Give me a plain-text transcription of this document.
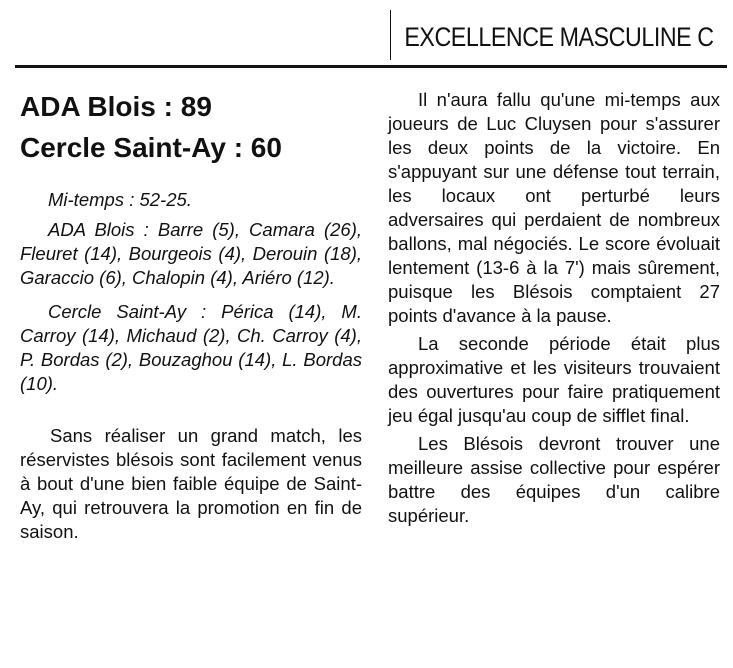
EXCELLENCE MASCULINE C
ADA Blois : 89
Cercle Saint-Ay : 60

Mi-temps : 52-25.

ADA Blois : Barre (5), Camara (26), Fleuret (14), Bourgeois (4), Derouin (18), Garaccio (6), Chalopin (4), Ariéro (12).

Cercle Saint-Ay : Périca (14), M. Carroy (14), Michaud (2), Ch. Carroy (4), P. Bordas (2), Bouzaghou (14), L. Bordas (10).

Sans réaliser un grand match, les réservistes blésois sont facilement venus à bout d'une bien faible équipe de Saint-Ay, qui retrouvera la promotion en fin de saison.

Il n'aura fallu qu'une mi-temps aux joueurs de Luc Cluysen pour s'assurer les deux points de la victoire. En s'appuyant sur une défense tout terrain, les locaux ont perturbé leurs adversaires qui perdaient de nombreux ballons, mal négociés. Le score évoluait lentement (13-6 à la 7') mais sûrement, puisque les Blésois comptaient 27 points d'avance à la pause.

La seconde période était plus approximative et les visiteurs trouvaient des ouvertures pour faire pratiquement jeu égal jusqu'au coup de sifflet final.

Les Blésois devront trouver une meilleure assise collective pour espérer battre des équipes d'un calibre supérieur.
